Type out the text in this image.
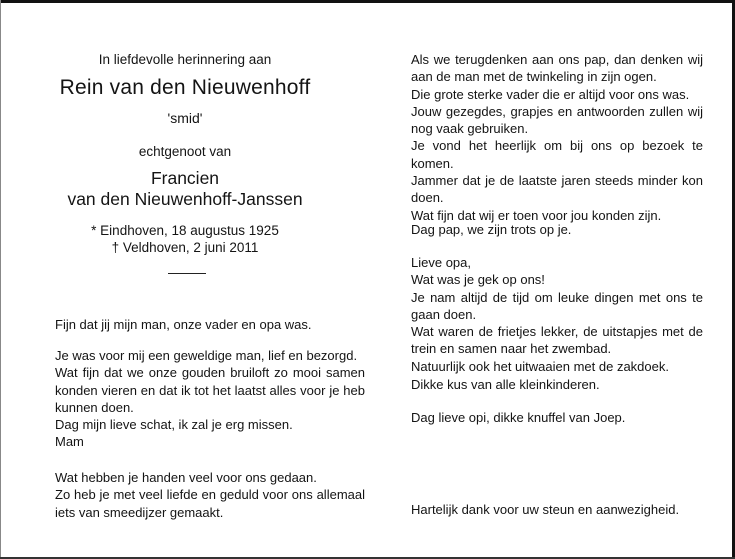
In liefdevolle herinnering aan
Rein van den Nieuwenhoff
'smid'
echtgenoot van
Francien
van den Nieuwenhoff-Janssen
* Eindhoven, 18 augustus 1925
† Veldhoven, 2 juni 2011
Fijn dat jij mijn man, onze vader en opa was.
Je was voor mij een geweldige man, lief en bezorgd.
Wat fijn dat we onze gouden bruiloft zo mooi samen konden vieren en dat ik tot het laatst alles voor je heb kunnen doen.
Dag mijn lieve schat, ik zal je erg missen.
Mam
Wat hebben je handen veel voor ons gedaan.
Zo heb je met veel liefde en geduld voor ons allemaal iets van smeedijzer gemaakt.
Als we terugdenken aan ons pap, dan denken wij aan de man met de twinkeling in zijn ogen.
Die grote sterke vader die er altijd voor ons was.
Jouw gezegdes, grapjes en antwoorden zullen wij nog vaak gebruiken.
Je vond het heerlijk om bij ons op bezoek te komen.
Jammer dat je de laatste jaren steeds minder kon doen.
Wat fijn dat wij er toen voor jou konden zijn.
Dag pap, we zijn trots op je.
Lieve opa,
Wat was je gek op ons!
Je nam altijd de tijd om leuke dingen met ons te gaan doen.
Wat waren de frietjes lekker, de uitstapjes met de trein en samen naar het zwembad.
Natuurlijk ook het uitwaaien met de zakdoek.
Dikke kus van alle kleinkinderen.
Dag lieve opi, dikke knuffel van Joep.
Hartelijk dank voor uw steun en aanwezigheid.
